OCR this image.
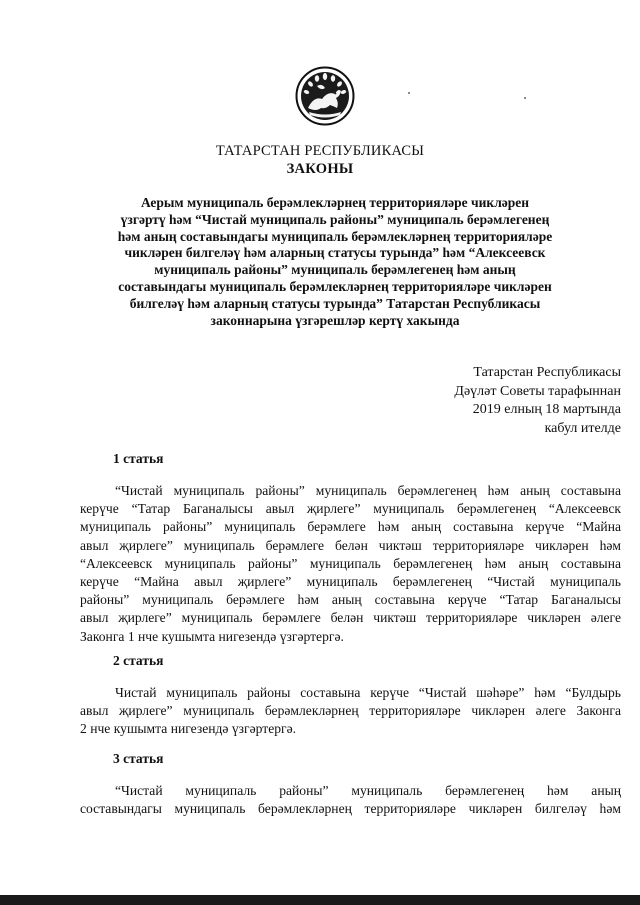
ТАТАРСТАН РЕСПУБЛИКАСЫ
ЗАКОНЫ

Аерым муниципаль берәмлекләрнең территорияләре чикләрен
үзгәртү һәм “Чистай муниципаль районы” муниципаль берәмлегенең
һәм аның составындагы муниципаль берәмлекләрнең территорияләре
чикләрен билгеләү һәм аларның статусы турында” һәм “Алексеевск
муниципаль районы” муниципаль берәмлегенең һәм аның
составындагы муниципаль берәмлекләрнең территорияләре чикләрен
билгеләү һәм аларның статусы турында” Татарстан Республикасы
законнарына үзгәрешләр кертү хакында

Татарстан Республикасы
Дәүләт Советы тарафыннан
2019 елның 18 мартында
кабул ителде
1 статья

“Чистай муниципаль районы” муниципаль берәмлегенең һәм аның составына
керүче “Татар Баганалысы авыл җирлеге” муниципаль берәмлегенең “Алексеевск
муниципаль районы” муниципаль берәмлеге һәм аның составына керүче “Майна
авыл җирлеге” муниципаль берәмлеге белән чиктәш территорияләре чикләрен һәм
“Алексеевск муниципаль районы” муниципаль берәмлегенең һәм аның составына
керүче “Майна авыл җирлеге” муниципаль берәмлегенең “Чистай муниципаль
районы” муниципаль берәмлеге һәм аның составына керүче “Татар Баганалысы
авыл җирлеге” муниципаль берәмлеге белән чиктәш территорияләре чикләрен әлеге
Законга 1 нче кушымта нигезендә үзгәртергә.

2 статья

Чистай муниципаль районы составына керүче “Чистай шәһәре” һәм “Булдырь
авыл җирлеге” муниципаль берәмлекләрнең территорияләре чикләрен әлеге Законга
2 нче кушымта нигезендә үзгәртергә.

3 статья

“Чистай муниципаль районы” муниципаль берәмлегенең һәм аның
составындагы муниципаль берәмлекләрнең территорияләре чикләрен билгеләү һәм
